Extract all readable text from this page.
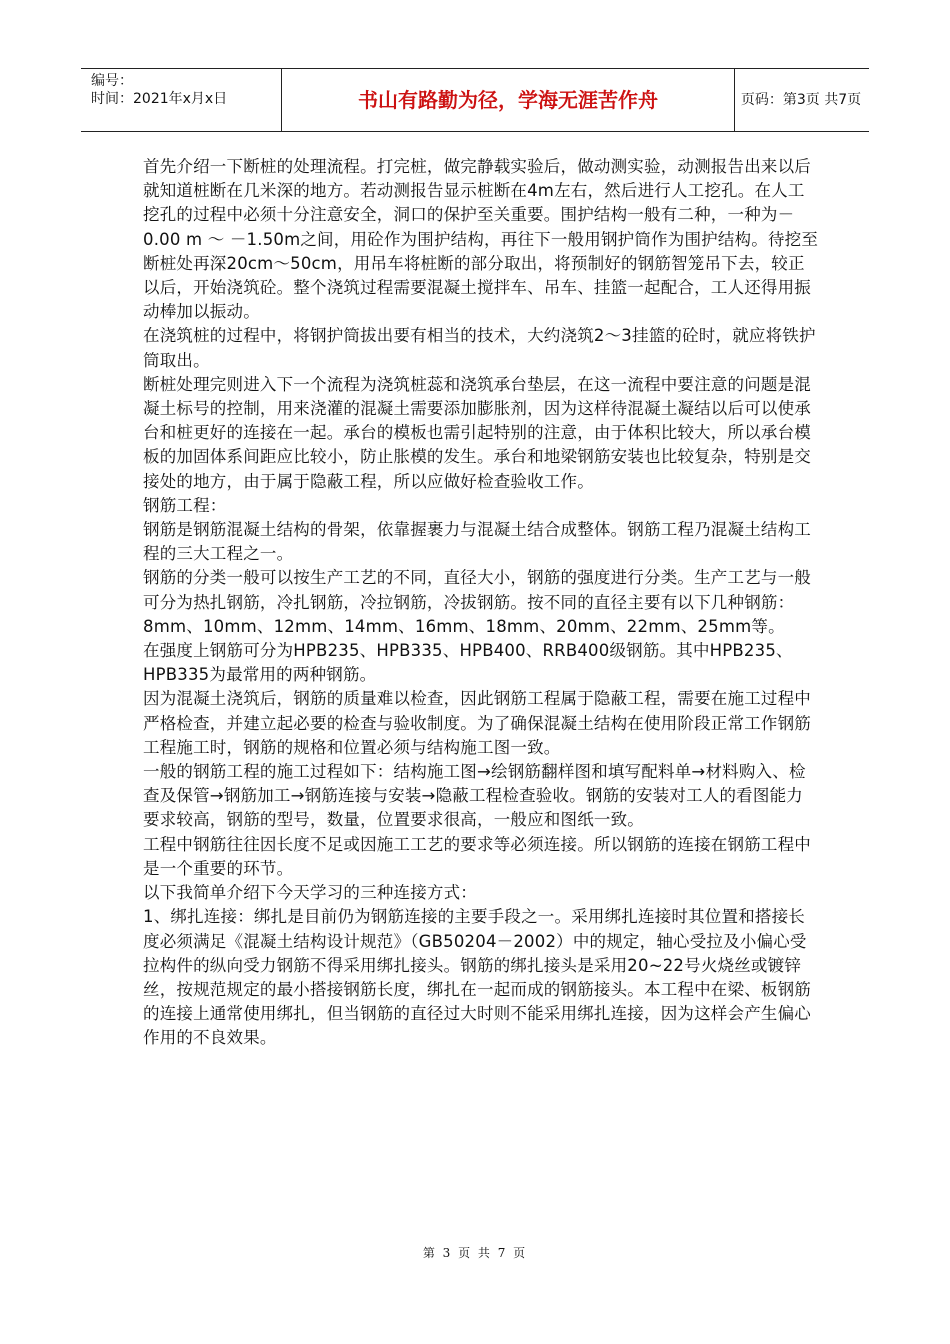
编号：
时间：2021年x月x日	书山有路勤为径，学海无涯苦作舟	页码：第3页 共7页

首先介绍一下断桩的处理流程。打完桩，做完静载实验后，做动测实验，动测报告出来以后就知道桩断在几米深的地方。若动测报告显示桩断在4m左右，然后进行人工挖孔。在人工挖孔的过程中必须十分注意安全，洞口的保护至关重要。围护结构一般有二种，一种为－0.00 m ～ －1.50m之间，用砼作为围护结构，再往下一般用钢护筒作为围护结构。待挖至断桩处再深20cm～50cm，用吊车将桩断的部分取出，将预制好的钢筋智笼吊下去，较正以后，开始浇筑砼。整个浇筑过程需要混凝土搅拌车、吊车、挂篮一起配合，工人还得用振动棒加以振动。

在浇筑桩的过程中，将钢护筒拔出要有相当的技术，大约浇筑2～3挂篮的砼时，就应将铁护筒取出。

断桩处理完则进入下一个流程为浇筑桩蕊和浇筑承台垫层，在这一流程中要注意的问题是混凝土标号的控制，用来浇灌的混凝土需要添加膨胀剂，因为这样待混凝土凝结以后可以使承台和桩更好的连接在一起。承台的模板也需引起特别的注意，由于体积比较大，所以承台模板的加固体系间距应比较小，防止胀模的发生。承台和地梁钢筋安装也比较复杂，特别是交接处的地方，由于属于隐蔽工程，所以应做好检查验收工作。

钢筋工程：

钢筋是钢筋混凝土结构的骨架，依靠握裹力与混凝土结合成整体。钢筋工程乃混凝土结构工程的三大工程之一。

钢筋的分类一般可以按生产工艺的不同，直径大小，钢筋的强度进行分类。生产工艺与一般可分为热扎钢筋，冷扎钢筋，冷拉钢筋，冷拔钢筋。按不同的直径主要有以下几种钢筋：

8mm、10mm、12mm、14mm、16mm、18mm、20mm、22mm、25mm等。

在强度上钢筋可分为HPB235、HPB335、HPB400、RRB400级钢筋。其中HPB235、HPB335为最常用的两种钢筋。

因为混凝土浇筑后，钢筋的质量难以检查，因此钢筋工程属于隐蔽工程，需要在施工过程中严格检查，并建立起必要的检查与验收制度。为了确保混凝土结构在使用阶段正常工作钢筋工程施工时，钢筋的规格和位置必须与结构施工图一致。

一般的钢筋工程的施工过程如下：结构施工图→绘钢筋翻样图和填写配料单→材料购入、检查及保管→钢筋加工→钢筋连接与安装→隐蔽工程检查验收。钢筋的安装对工人的看图能力要求较高，钢筋的型号，数量，位置要求很高，一般应和图纸一致。

工程中钢筋往往因长度不足或因施工工艺的要求等必须连接。所以钢筋的连接在钢筋工程中是一个重要的环节。

以下我简单介绍下今天学习的三种连接方式：

1、绑扎连接：绑扎是目前仍为钢筋连接的主要手段之一。采用绑扎连接时其位置和搭接长度必须满足《混凝土结构设计规范》（GB50204－2002）中的规定，轴心受拉及小偏心受拉构件的纵向受力钢筋不得采用绑扎接头。钢筋的绑扎接头是采用20~22号火烧丝或镀锌丝，按规范规定的最小搭接钢筋长度，绑扎在一起而成的钢筋接头。本工程中在梁、板钢筋的连接上通常使用绑扎，但当钢筋的直径过大时则不能采用绑扎连接，因为这样会产生偏心作用的不良效果。

第 3 页 共 7 页
